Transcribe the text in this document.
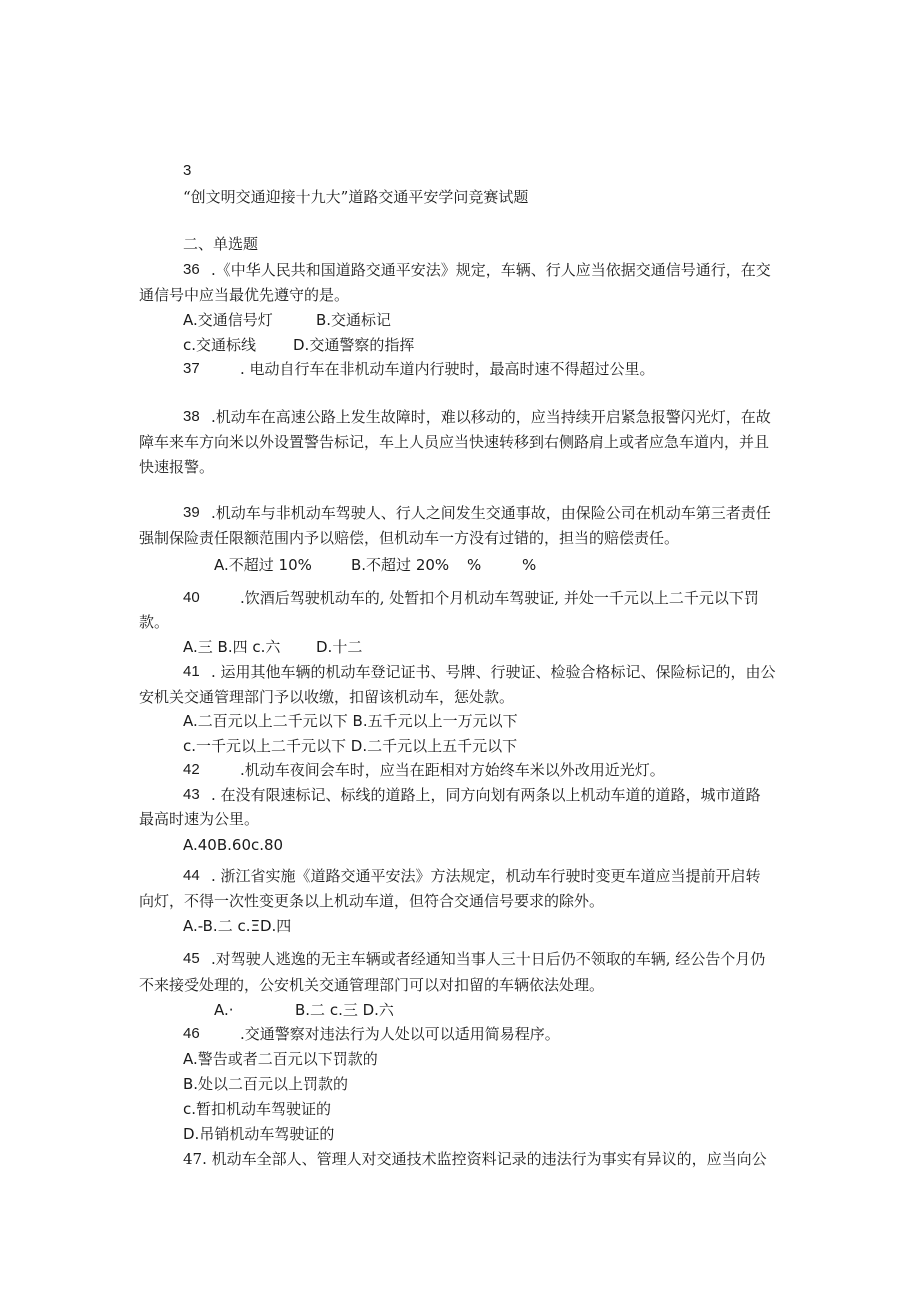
3
“创文明交通迎接十九大”道路交通平安学问竞赛试题
二、单选题
36 .《中华人民共和国道路交通平安法》规定，车辆、行人应当依据交通信号通行，在交
通信号中应当最优先遵守的是。
A.交通信号灯	B.交通标记
c.交通标线 D.交通警察的指挥
37	. 电动自行车在非机动车道内行驶时，最高时速不得超过公里。
38 .机动车在高速公路上发生故障时，难以移动的，应当持续开启紧急报警闪光灯，在故
障车来车方向米以外设置警告标记，车上人员应当快速转移到右侧路肩上或者应急车道内，并且
快速报警。
39 .机动车与非机动车驾驶人、行人之间发生交通事故，由保险公司在机动车第三者责任
强制保险责任限额范围内予以赔偿，但机动车一方没有过错的，担当的赔偿责任。
A.不超过 10%	B.不超过 20% %	%
40	.饮酒后驾驶机动车的, 处暂扣个月机动车驾驶证, 并处一千元以上二千元以下罚
款。
A.三 B.四 c.六 D.十二
41 . 运用其他车辆的机动车登记证书、号牌、行驶证、检验合格标记、保险标记的，由公
安机关交通管理部门予以收缴，扣留该机动车，惩处款。
A.二百元以上二千元以下 B.五千元以上一万元以下
c.一千元以上二千元以下 D.二千元以上五千元以下
42	.机动车夜间会车时，应当在距相对方始终车米以外改用近光灯。
43 . 在没有限速标记、标线的道路上，同方向划有两条以上机动车道的道路，城市道路
最高时速为公里。
A.40B.60c.80
44 . 浙江省实施《道路交通平安法》方法规定，机动车行驶时变更车道应当提前开启转
向灯，不得一次性变更条以上机动车道，但符合交通信号要求的除外。
A.-B.二 c.ΞD.四
45 .对驾驶人逃逸的无主车辆或者经通知当事人三十日后仍不领取的车辆, 经公告个月仍
不来接受处理的，公安机关交通管理部门可以对扣留的车辆依法处理。
A.·	B.二 c.三 D.六
46	.交通警察对违法行为人处以可以适用简易程序。
A.警告或者二百元以下罚款的
B.处以二百元以上罚款的
c.暂扣机动车驾驶证的
D.吊销机动车驾驶证的
47. 机动车全部人、管理人对交通技术监控资料记录的违法行为事实有异议的，应当向公
